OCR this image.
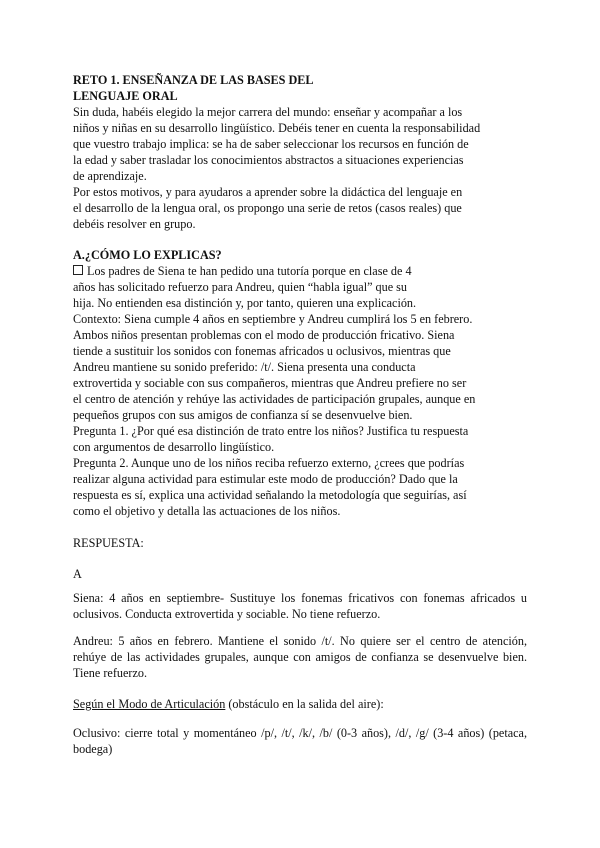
RETO 1. ENSEÑANZA DE LAS BASES DEL
LENGUAJE ORAL
Sin duda, habéis elegido la mejor carrera del mundo: enseñar y acompañar a los
niños y niñas en su desarrollo lingüístico. Debéis tener en cuenta la responsabilidad
que vuestro trabajo implica: se ha de saber seleccionar los recursos en función de
la edad y saber trasladar los conocimientos abstractos a situaciones experiencias
de aprendizaje.
Por estos motivos, y para ayudaros a aprender sobre la didáctica del lenguaje en
el desarrollo de la lengua oral, os propongo una serie de retos (casos reales) que
debéis resolver en grupo.
A.¿CÓMO LO EXPLICAS?
Los padres de Siena te han pedido una tutoría porque en clase de 4
años has solicitado refuerzo para Andreu, quien “habla igual” que su
hija. No entienden esa distinción y, por tanto, quieren una explicación.
Contexto: Siena cumple 4 años en septiembre y Andreu cumplirá los 5 en febrero.
Ambos niños presentan problemas con el modo de producción fricativo. Siena
tiende a sustituir los sonidos con fonemas africados u oclusivos, mientras que
Andreu mantiene su sonido preferido: /t/. Siena presenta una conducta
extrovertida y sociable con sus compañeros, mientras que Andreu prefiere no ser
el centro de atención y rehúye las actividades de participación grupales, aunque en
pequeños grupos con sus amigos de confianza sí se desenvuelve bien.
Pregunta 1. ¿Por qué esa distinción de trato entre los niños? Justifica tu respuesta
con argumentos de desarrollo lingüístico.
Pregunta 2. Aunque uno de los niños reciba refuerzo externo, ¿crees que podrías
realizar alguna actividad para estimular este modo de producción? Dado que la
respuesta es sí, explica una actividad señalando la metodología que seguirías, así
como el objetivo y detalla las actuaciones de los niños.
RESPUESTA:
A
Siena: 4 años en septiembre- Sustituye los fonemas fricativos con fonemas africados u oclusivos. Conducta extrovertida y sociable. No tiene refuerzo.
Andreu: 5 años en febrero. Mantiene el sonido /t/. No quiere ser el centro de atención, rehúye de las actividades grupales, aunque con amigos de confianza se desenvuelve bien. Tiene refuerzo.
Según el Modo de Articulación (obstáculo en la salida del aire):
Oclusivo: cierre total y momentáneo /p/, /t/, /k/, /b/ (0-3 años), /d/, /g/ (3-4 años) (petaca, bodega)
